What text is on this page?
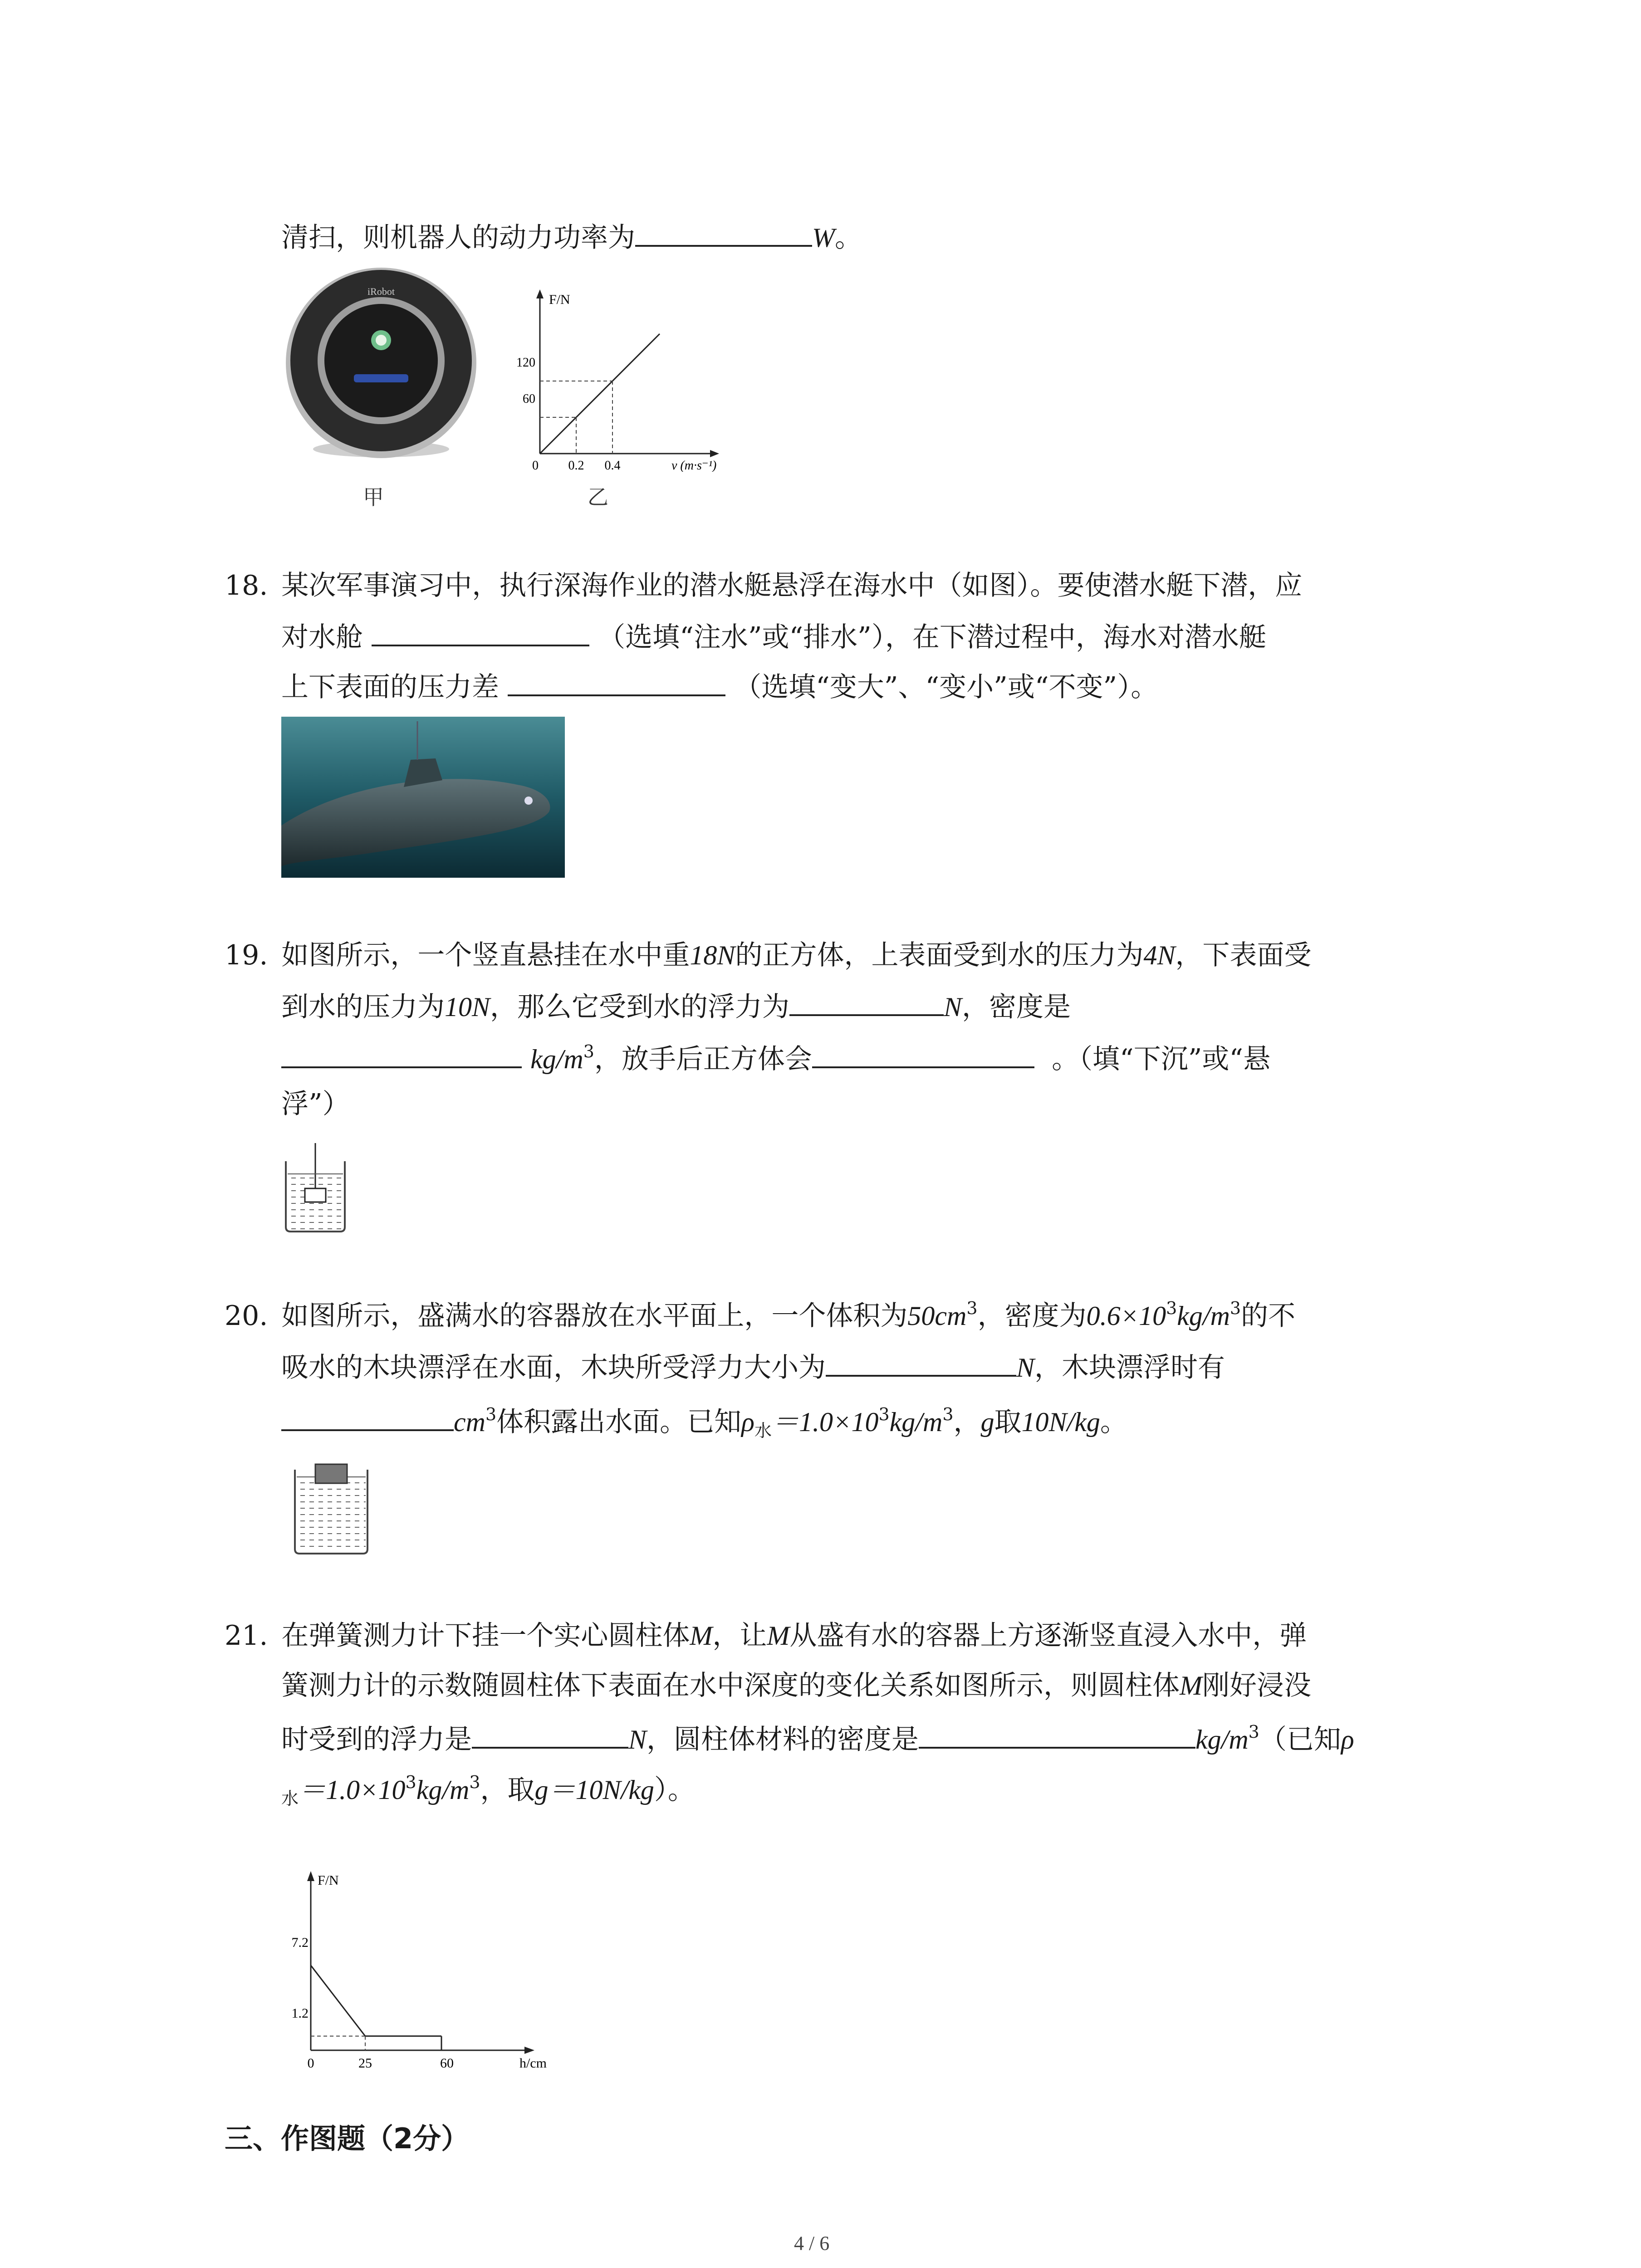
清扫，则机器人的动力功率为	W。
iRobot
甲
F/N
0
60
120
0.2 0.4	v (m·s⁻¹)
乙
18.  某次军事演习中，执行深海作业的潜水艇悬浮在海水中（如图）。要使潜水艇下潜，应
对水舱	（选填“注水”或“排水”），在下潜过程中，海水对潜水艇
上下表面的压力差	（选填“变大”、“变小”或“不变”）。
19.  如图所示，一个竖直悬挂在水中重18N的正方体，上表面受到水的压力为4N，下表面受
到水的压力为10N，那么它受到水的浮力为	N，密度是
$kg/m^3$，放手后正方体会	。（填“下沉”或“悬
浮”）
20.  如图所示，盛满水的容器放在水平面上，一个体积为$50cm^3$，密度为$0.6\times 10^3kg/m^3$的不
吸水的木块漂浮在水面，木块所受浮力大小为	N，木块漂浮时有
$cm^3$体积露出水面。已知$\rho_水=1.0\times 10^3kg/m^3$，g取10N/kg。
21.  在弹簧测力计下挂一个实心圆柱体M，让M从盛有水的容器上方逐渐竖直浸入水中，弹
簧测力计的示数随圆柱体下表面在水中深度的变化关系如图所示，则圆柱体M刚好浸没
时受到的浮力是	N，圆柱体材料的密度是	$kg/m^3$（已知ρ
$_水=1.0\times 10^3kg/m^3$，取g＝10N/kg）。
F/N
7.2
1.2
0	25	60	h/cm
三、作图题（2分）
4 / 6
